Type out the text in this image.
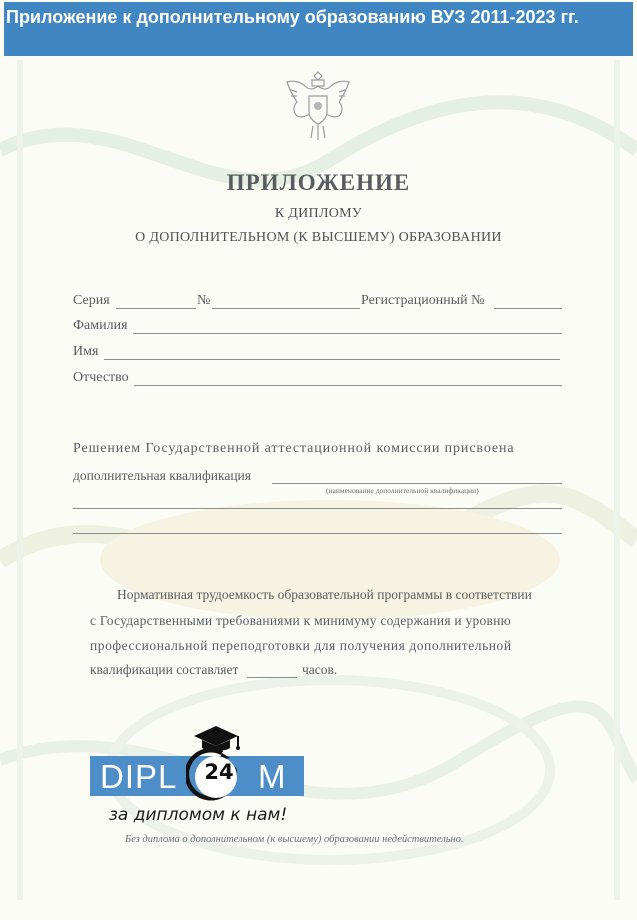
Приложение к дополнительному образованию ВУЗ 2011-2023 гг.
ПРИЛОЖЕНИЕ
К ДИПЛОМУ
О ДОПОЛНИТЕЛЬНОМ (К ВЫСШЕМУ) ОБРАЗОВАНИИ
Серия	№	Регистрационный №
Фамилия
Имя
Отчество
Решением Государственной аттестационной комиссии присвоена
дополнительная квалификация
(наименование дополнительной квалификации)
Нормативная трудоемкость образовательной программы в соответствии
с Государственными требованиями к минимуму содержания и уровню
профессиональной переподготовки для получения дополнительной
квалификации составляет	часов.
DIPL M
24
за дипломом к нам!
Без диплома о дополнительном (к высшему) образовании недействительно.
